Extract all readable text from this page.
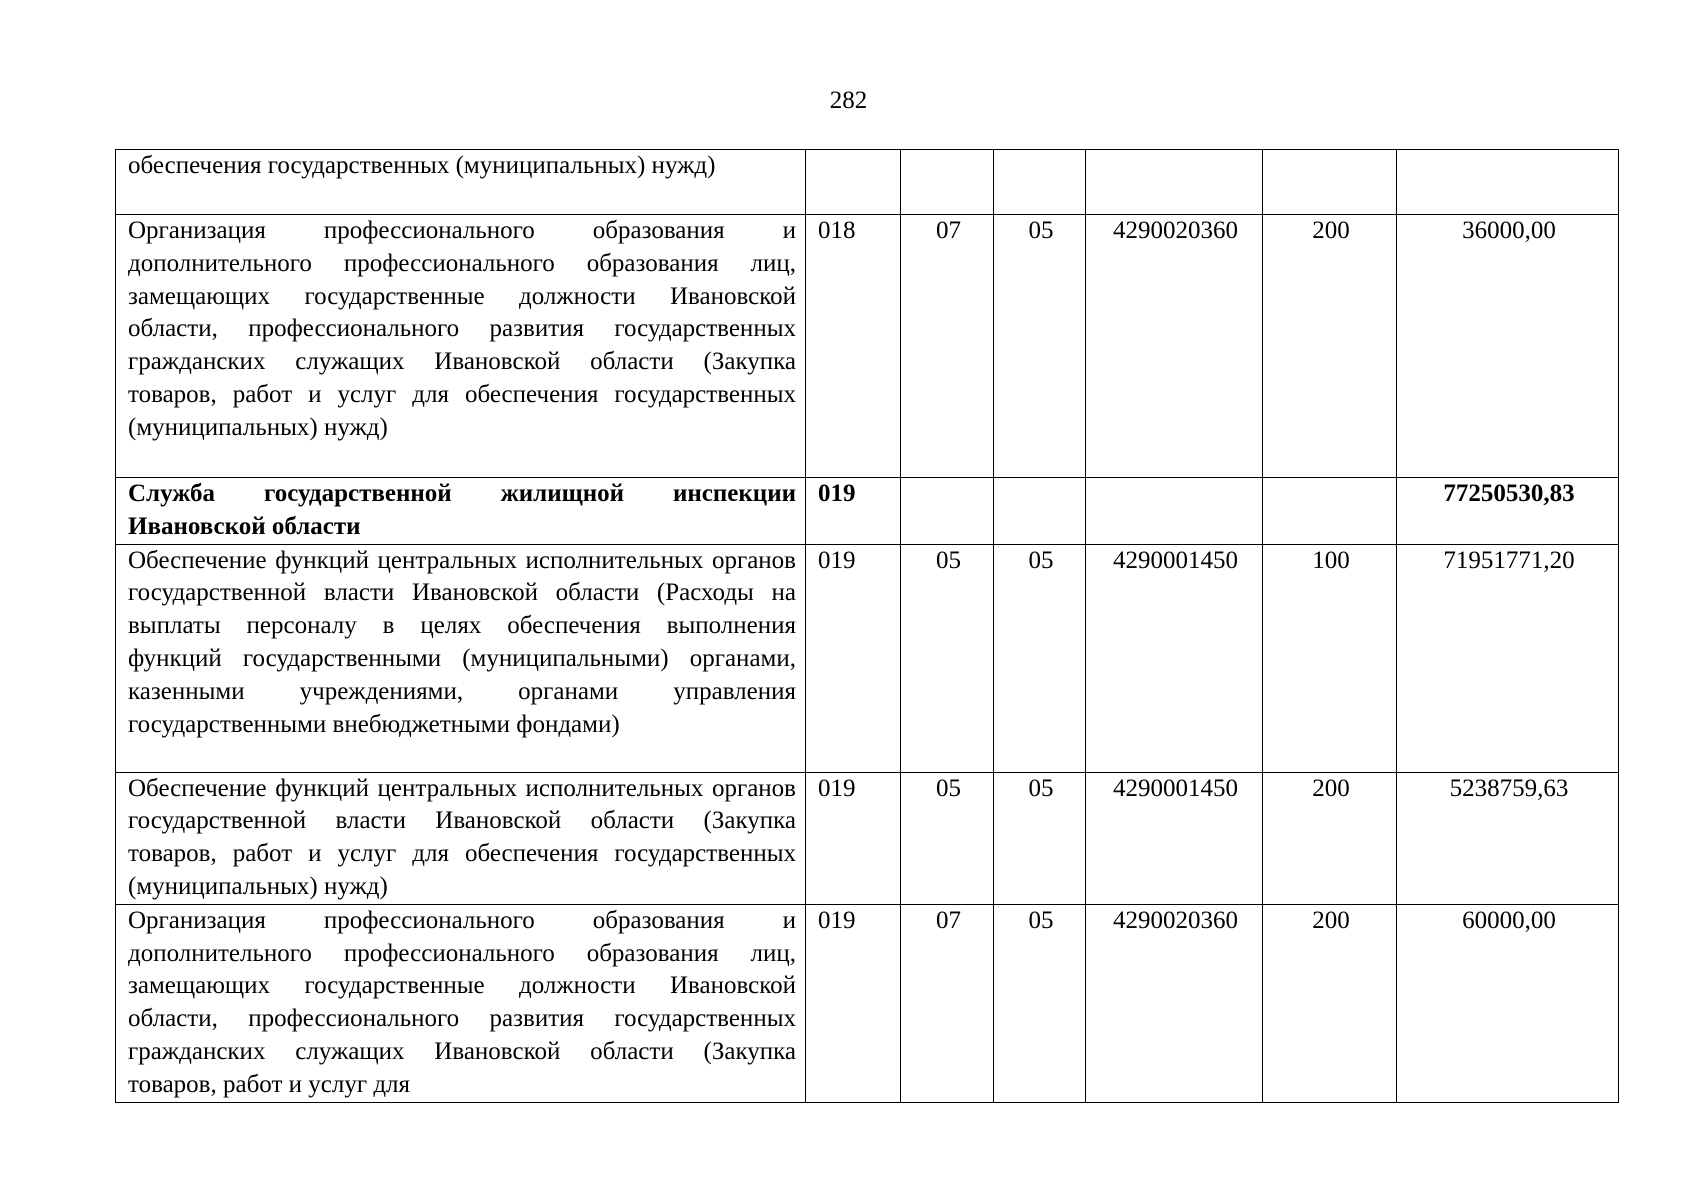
282
обеспечения государственных (муниципальных) нужд)						
Организация профессионального образования и дополнительного профессионального образования лиц, замещающих государственные должности Ивановской области, профессионального развития государственных гражданских служащих Ивановской области (Закупка товаров, работ и услуг для обеспечения государственных (муниципальных) нужд)	018	07	05	4290020360	200	36000,00
Служба государственной жилищной инспекции Ивановской области	019					77250530,83
Обеспечение функций центральных исполнительных органов государственной власти Ивановской области (Расходы на выплаты персоналу в целях обеспечения выполнения функций государственными (муниципальными) органами, казенными учреждениями, органами управления государственными внебюджетными фондами)	019	05	05	4290001450	100	71951771,20
Обеспечение функций центральных исполнительных органов государственной власти Ивановской области (Закупка товаров, работ и услуг для обеспечения государственных (муниципальных) нужд)	019	05	05	4290001450	200	5238759,63
Организация профессионального образования и дополнительного профессионального образования лиц, замещающих государственные должности Ивановской области, профессионального развития государственных гражданских служащих Ивановской области (Закупка товаров, работ и услуг для	019	07	05	4290020360	200	60000,00
